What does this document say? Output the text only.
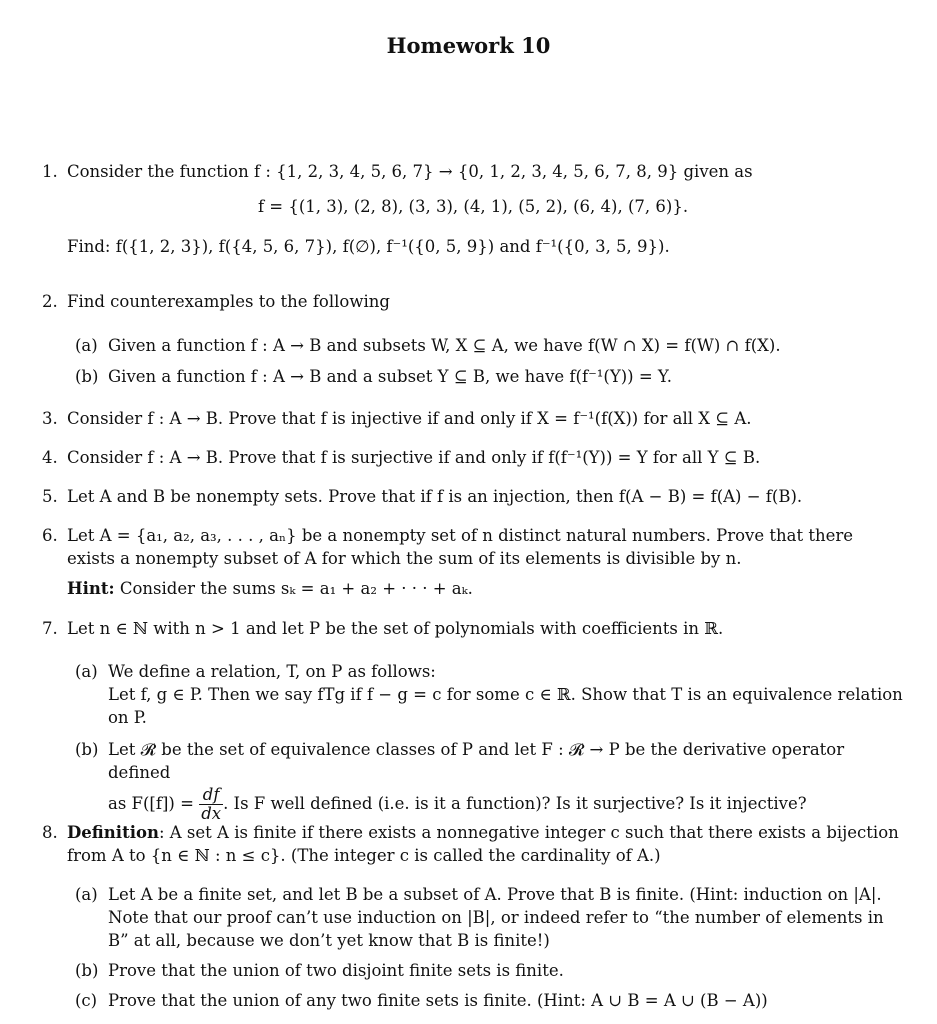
Homework 10
1. Consider the function f : {1, 2, 3, 4, 5, 6, 7} → {0, 1, 2, 3, 4, 5, 6, 7, 8, 9} given as
f = {(1, 3), (2, 8), (3, 3), (4, 1), (5, 2), (6, 4), (7, 6)}.
Find: f({1, 2, 3}), f({4, 5, 6, 7}), f(∅), f⁻¹({0, 5, 9}) and f⁻¹({0, 3, 5, 9}).
2. Find counterexamples to the following
(a) Given a function f : A → B and subsets W, X ⊆ A, we have f(W ∩ X) = f(W) ∩ f(X).
(b) Given a function f : A → B and a subset Y ⊆ B, we have f(f⁻¹(Y)) = Y.
3. Consider f : A → B. Prove that f is injective if and only if X = f⁻¹(f(X)) for all X ⊆ A.
4. Consider f : A → B. Prove that f is surjective if and only if f(f⁻¹(Y)) = Y for all Y ⊆ B.
5. Let A and B be nonempty sets. Prove that if f is an injection, then f(A − B) = f(A) − f(B).
6. Let A = {a₁, a₂, a₃, . . . , aₙ} be a nonempty set of n distinct natural numbers. Prove that there exists a nonempty subset of A for which the sum of its elements is divisible by n.
Hint: Consider the sums sₖ = a₁ + a₂ + · · · + aₖ.
7. Let n ∈ ℕ with n > 1 and let P be the set of polynomials with coefficients in ℝ.
(a) We define a relation, T, on P as follows:
Let f, g ∈ P. Then we say fTg if f − g = c for some c ∈ ℝ. Show that T is an equivalence relation on P.
(b) Let 𝓡 be the set of equivalence classes of P and let F : 𝓡 → P be the derivative operator defined
as $F([f]) = \frac{df}{dx}$ . Is F well defined (i.e. is it a function)? Is it surjective? Is it injective?
8. Definition: A set A is finite if there exists a nonnegative integer c such that there exists a bijection from A to {n ∈ ℕ : n ≤ c}. (The integer c is called the cardinality of A.)
(a) Let A be a finite set, and let B be a subset of A. Prove that B is finite. (Hint: induction on |A|. Note that our proof can’t use induction on |B|, or indeed refer to “the number of elements in B” at all, because we don’t yet know that B is finite!)
(b) Prove that the union of two disjoint finite sets is finite.
(c) Prove that the union of any two finite sets is finite. (Hint: A ∪ B = A ∪ (B − A))
